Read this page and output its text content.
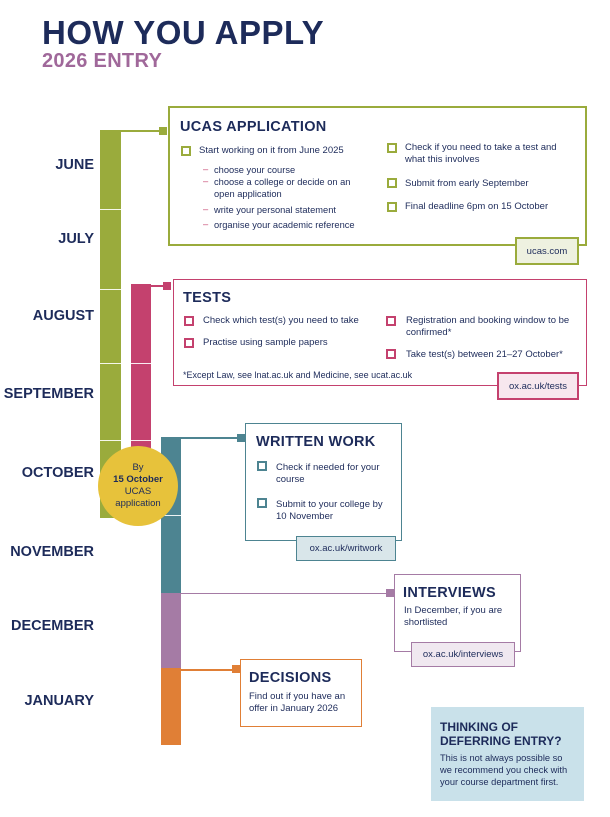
HOW YOU APPLY
2026 ENTRY
JUNE
JULY
AUGUST
SEPTEMBER
OCTOBER
NOVEMBER
DECEMBER
JANUARY
By
15 October
UCAS
application
UCAS APPLICATION
Start working on it from June 2025
– choose your course
– choose a college or decide on an
open application
– write your personal statement
– organise your academic reference
Check if you need to take a test and
what this involves
Submit from early September
Final deadline 6pm on 15 October
ucas.com
TESTS
Check which test(s) you need to take
Practise using sample papers
Registration and booking window to be
confirmed*
Take test(s) between 21–27 October*
*Except Law, see lnat.ac.uk and Medicine, see ucat.ac.uk
ox.ac.uk/tests
WRITTEN WORK
Check if needed for your
course
Submit to your college by
10 November
ox.ac.uk/writwork
INTERVIEWS
In December, if you are
shortlisted
ox.ac.uk/interviews
DECISIONS
Find out if you have an
offer in January 2026
THINKING OF
DEFERRING ENTRY?
This is not always possible so
we recommend you check with
your course department first.
